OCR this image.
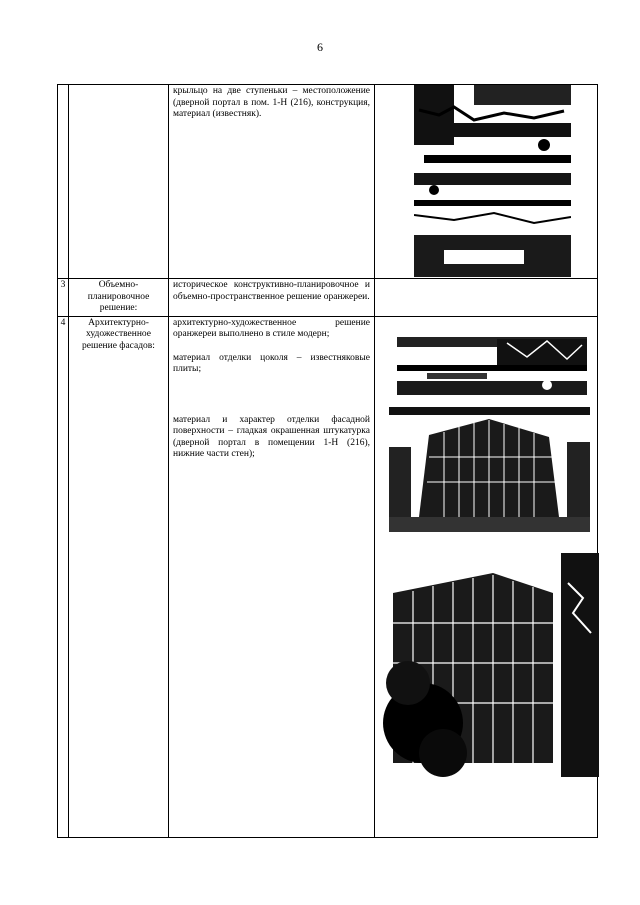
6

		крыльцо на две ступеньки – местоположение (дверной портал в пом. 1-Н (216), конструкция, материал (известняк).

3	Объемно-планировочное решение:	историческое конструктивно-планировочное и объемно-пространственное решение оранжереи.	

4	Архитектурно-художественное решение фасадов:	архитектурно-художественное решение оранжереи выполнено в стиле модерн;

материал отделки цоколя – известняковые плиты;

материал и характер отделки фасадной поверхности – гладкая окрашенная штукатурка (дверной портал в помещении 1-Н (216), нижние части стен);
